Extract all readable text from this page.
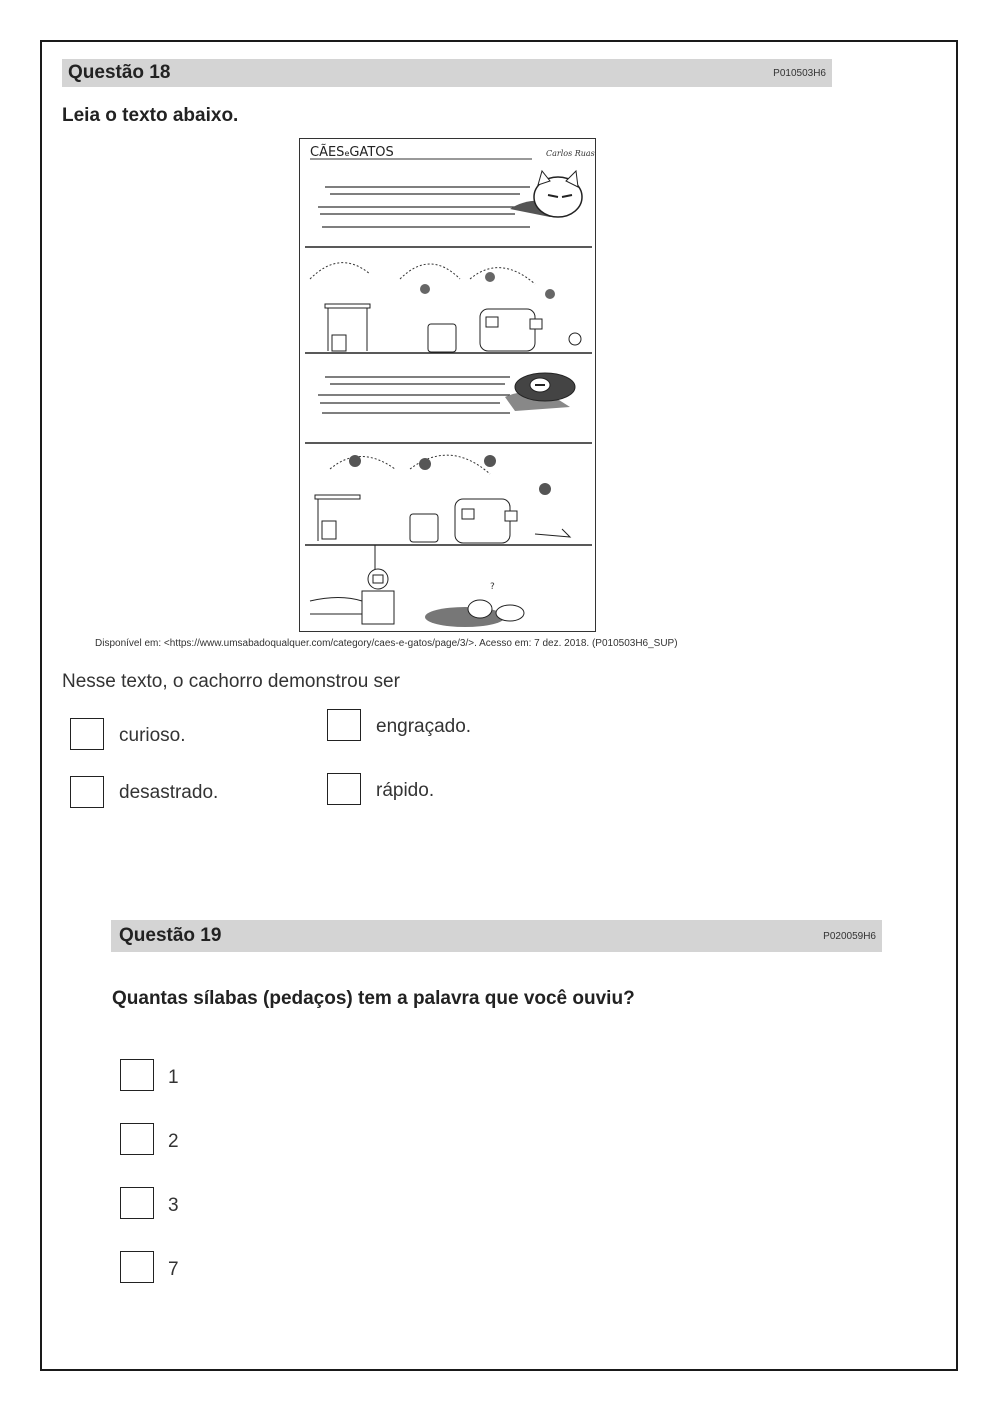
Questão 18	P010503H6
Leia o texto abaixo.
CÃESeGATOS	Carlos Ruas
?
Disponível em: <https://www.umsabadoqualquer.com/category/caes-e-gatos/page/3/>. Acesso em: 7 dez. 2018. (P010503H6_SUP)
Nesse texto, o cachorro demonstrou ser
curioso.	engraçado.
desastrado.	rápido.
Questão 19	P020059H6
Quantas sílabas (pedaços) tem a palavra que você ouviu?
1
2
3
7
